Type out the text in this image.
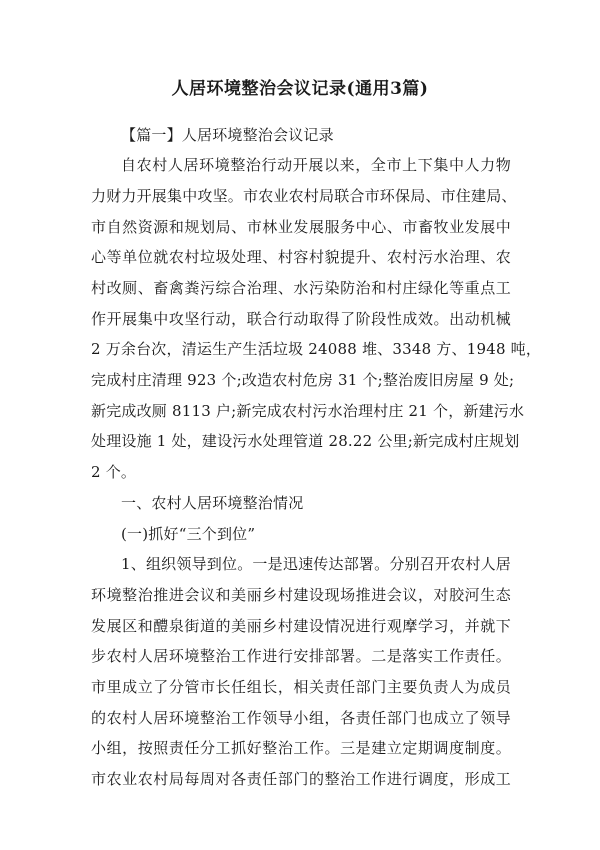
人居环境整治会议记录(通用3篇)
【篇一】人居环境整治会议记录
自农村人居环境整治行动开展以来，全市上下集中人力物
力财力开展集中攻坚。市农业农村局联合市环保局、市住建局、
市自然资源和规划局、市林业发展服务中心、市畜牧业发展中
心等单位就农村垃圾处理、村容村貌提升、农村污水治理、农
村改厕、畜禽粪污综合治理、水污染防治和村庄绿化等重点工
作开展集中攻坚行动，联合行动取得了阶段性成效。出动机械
2 万余台次，清运生产生活垃圾 24088 堆、3348 方、1948 吨，
完成村庄清理 923 个;改造农村危房 31 个;整治废旧房屋 9 处;
新完成改厕 8113 户;新完成农村污水治理村庄 21 个，新建污水
处理设施 1 处，建设污水处理管道 28.22 公里;新完成村庄规划
2 个。
一、农村人居环境整治情况
(一)抓好“三个到位”
1、组织领导到位。一是迅速传达部署。分别召开农村人居
环境整治推进会议和美丽乡村建设现场推进会议，对胶河生态
发展区和醴泉街道的美丽乡村建设情况进行观摩学习，并就下
步农村人居环境整治工作进行安排部署。二是落实工作责任。
市里成立了分管市长任组长，相关责任部门主要负责人为成员
的农村人居环境整治工作领导小组，各责任部门也成立了领导
小组，按照责任分工抓好整治工作。三是建立定期调度制度。
市农业农村局每周对各责任部门的整治工作进行调度，形成工
